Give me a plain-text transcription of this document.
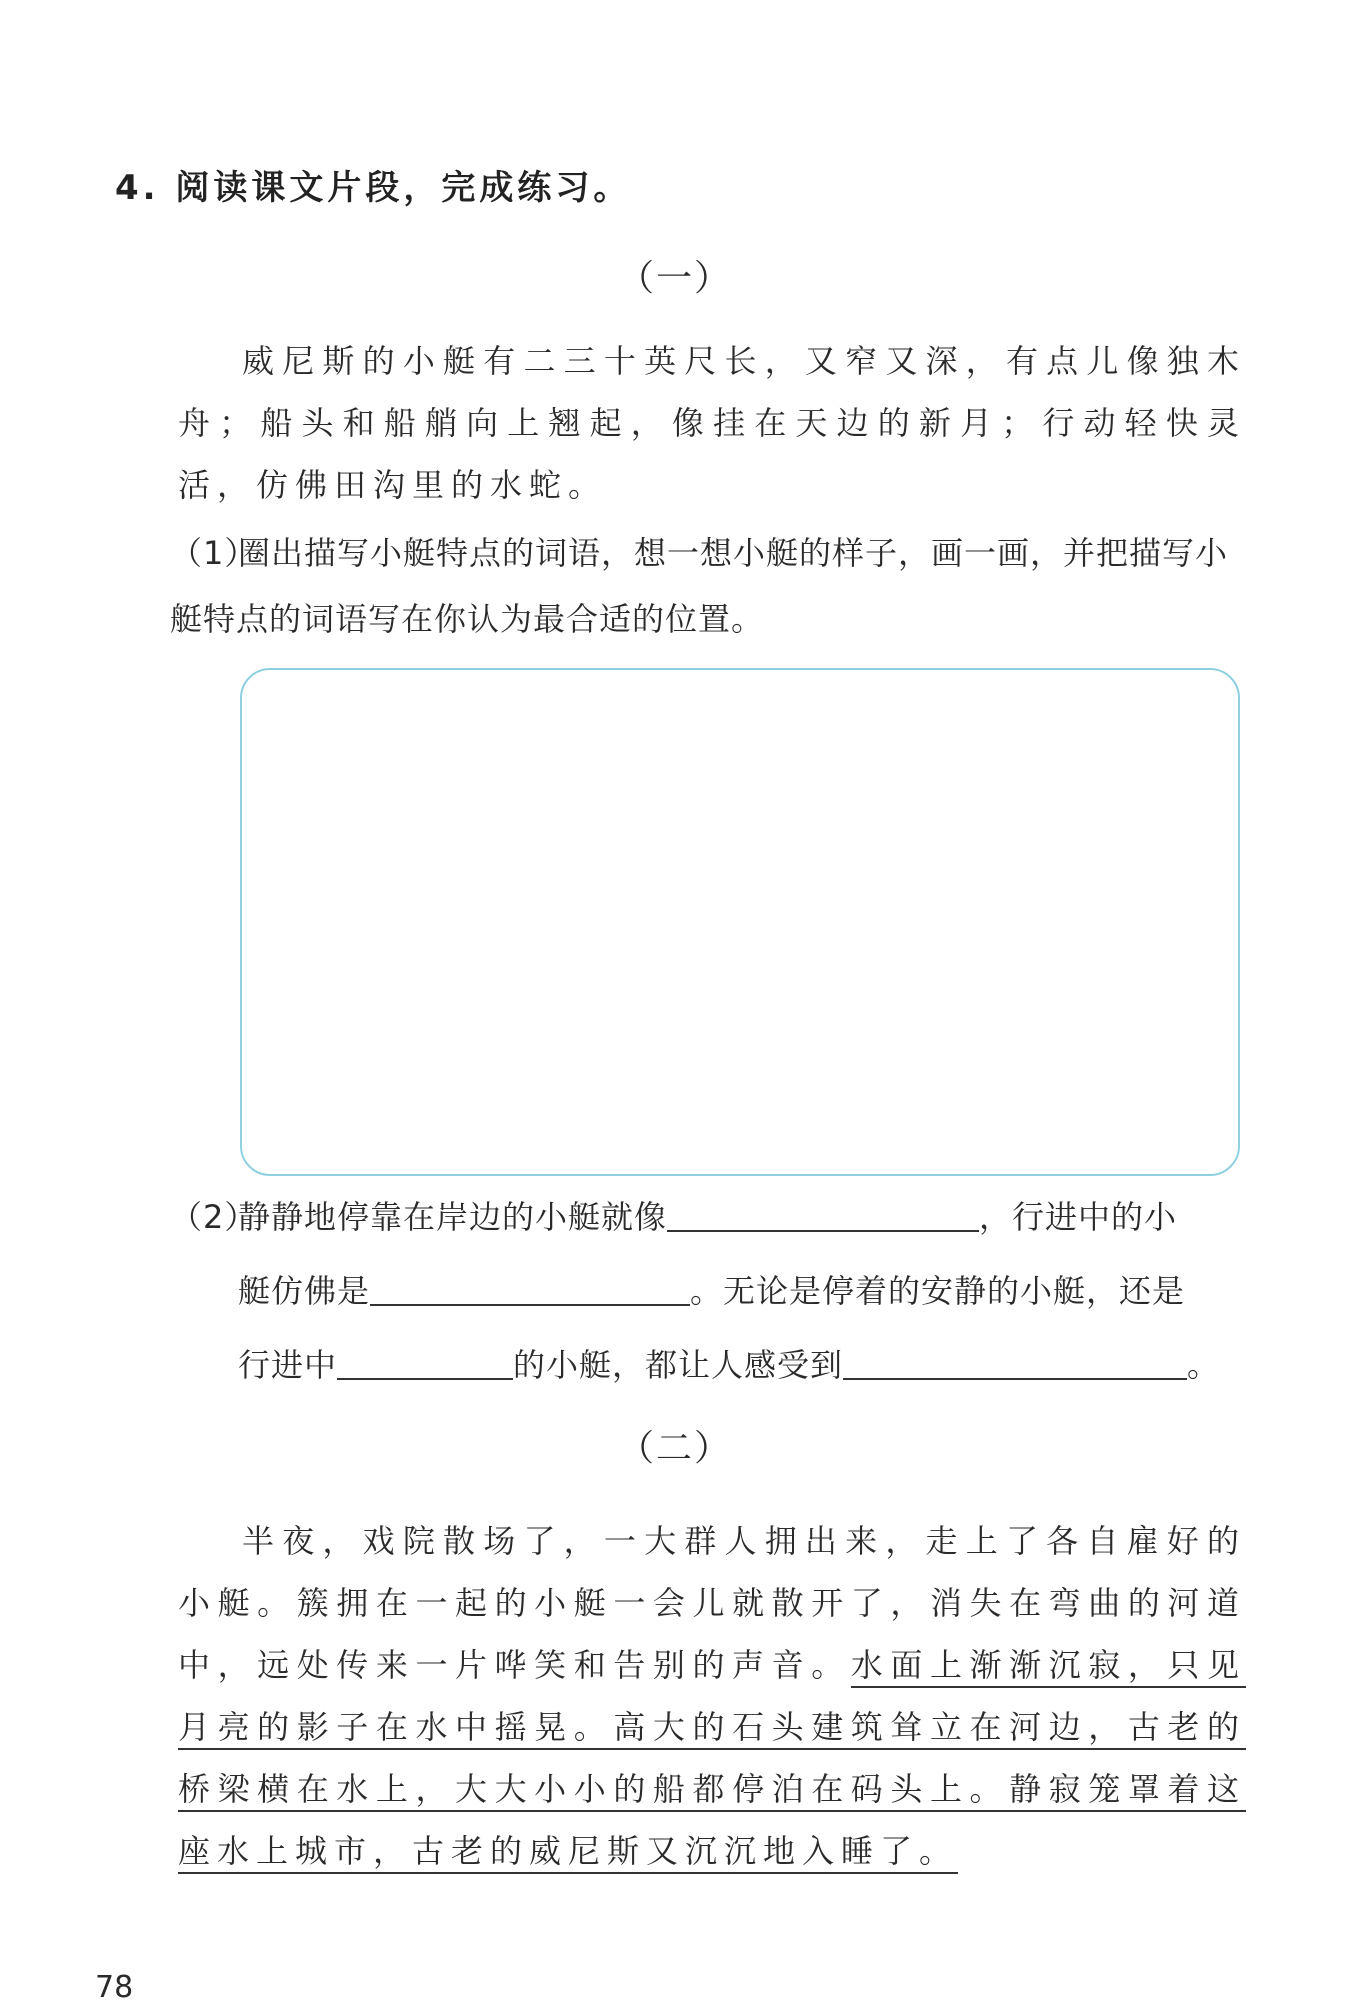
4. 阅读课文片段，完成练习。
（一）
威尼斯的小艇有二三十英尺长，又窄又深，有点儿像独木舟；船头和船艄向上翘起，像挂在天边的新月；行动轻快灵活，仿佛田沟里的水蛇。
（1）圈出描写小艇特点的词语，想一想小艇的样子，画一画，并把描写小艇特点的词语写在你认为最合适的位置。
（2）静静地停靠在岸边的小艇就像	，行进中的小
艇仿佛是	。无论是停着的安静的小艇，还是
行进中	的小艇，都让人感受到	。
（二）
半夜，戏院散场了，一大群人拥出来，走上了各自雇好的小艇。簇拥在一起的小艇一会儿就散开了，消失在弯曲的河道中，远处传来一片哗笑和告别的声音。水面上渐渐沉寂，只见月亮的影子在水中摇晃。高大的石头建筑耸立在河边，古老的桥梁横在水上，大大小小的船都停泊在码头上。静寂笼罩着这座水上城市，古老的威尼斯又沉沉地入睡了。
78
